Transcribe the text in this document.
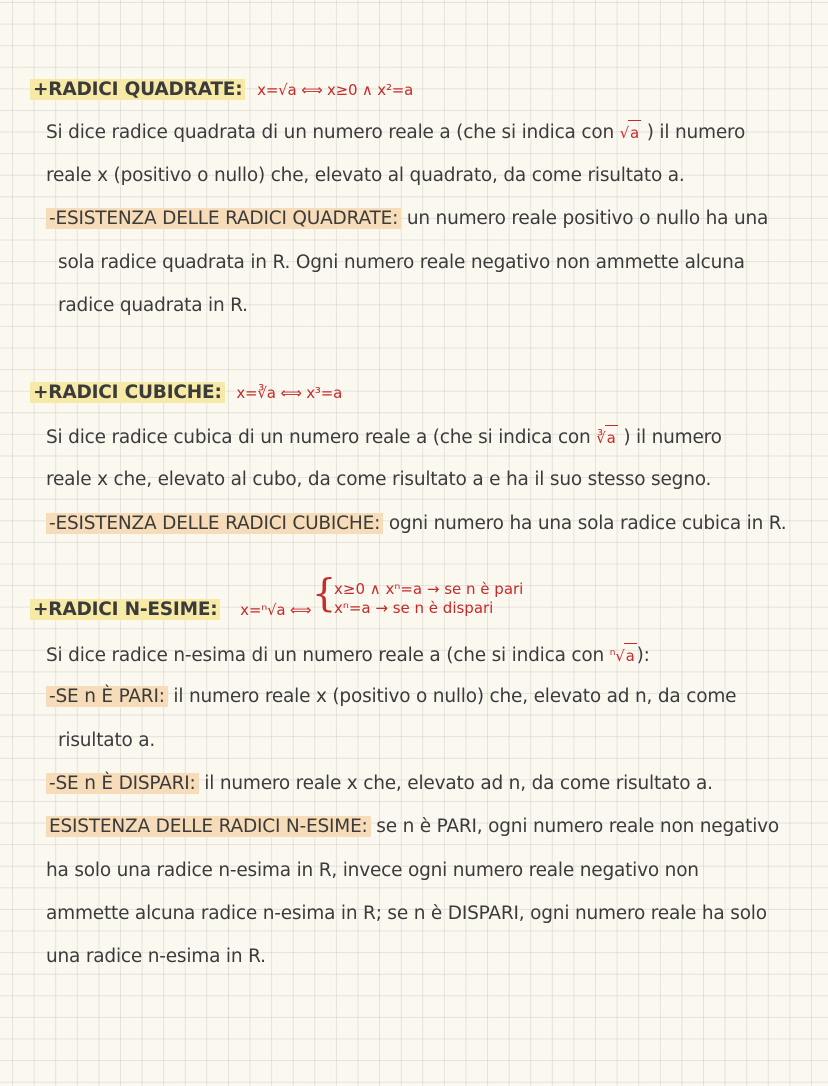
+RADICI QUADRATE: x=√a ⟺ x≥0 ∧ x²=a
Si dice radice quadrata di un numero reale a (che si indica con √a ) il numero
reale x (positivo o nullo) che, elevato al quadrato, da come risultato a.
-ESISTENZA DELLE RADICI QUADRATE: un numero reale positivo o nullo ha una
sola radice quadrata in R. Ogni numero reale negativo non ammette alcuna
radice quadrata in R.
+RADICI CUBICHE: x=∛a ⟺ x³=a
Si dice radice cubica di un numero reale a (che si indica con ∛a ) il numero
reale x che, elevato al cubo, da come risultato a e ha il suo stesso segno.
-ESISTENZA DELLE RADICI CUBICHE: ogni numero ha una sola radice cubica in R.
+RADICI N-ESIME: x=ⁿ√a ⟺ {
x≥0 ∧ xⁿ=a → se n è pari
xⁿ=a → se n è dispari
Si dice radice n-esima di un numero reale a (che si indica con $^n$√a ):
-SE n È PARI: il numero reale x (positivo o nullo) che, elevato ad n, da come
risultato a.
-SE n È DISPARI: il numero reale x che, elevato ad n, da come risultato a.
ESISTENZA DELLE RADICI N-ESIME: se n è PARI, ogni numero reale non negativo
ha solo una radice n-esima in R, invece ogni numero reale negativo non
ammette alcuna radice n-esima in R; se n è DISPARI, ogni numero reale ha solo
una radice n-esima in R.
